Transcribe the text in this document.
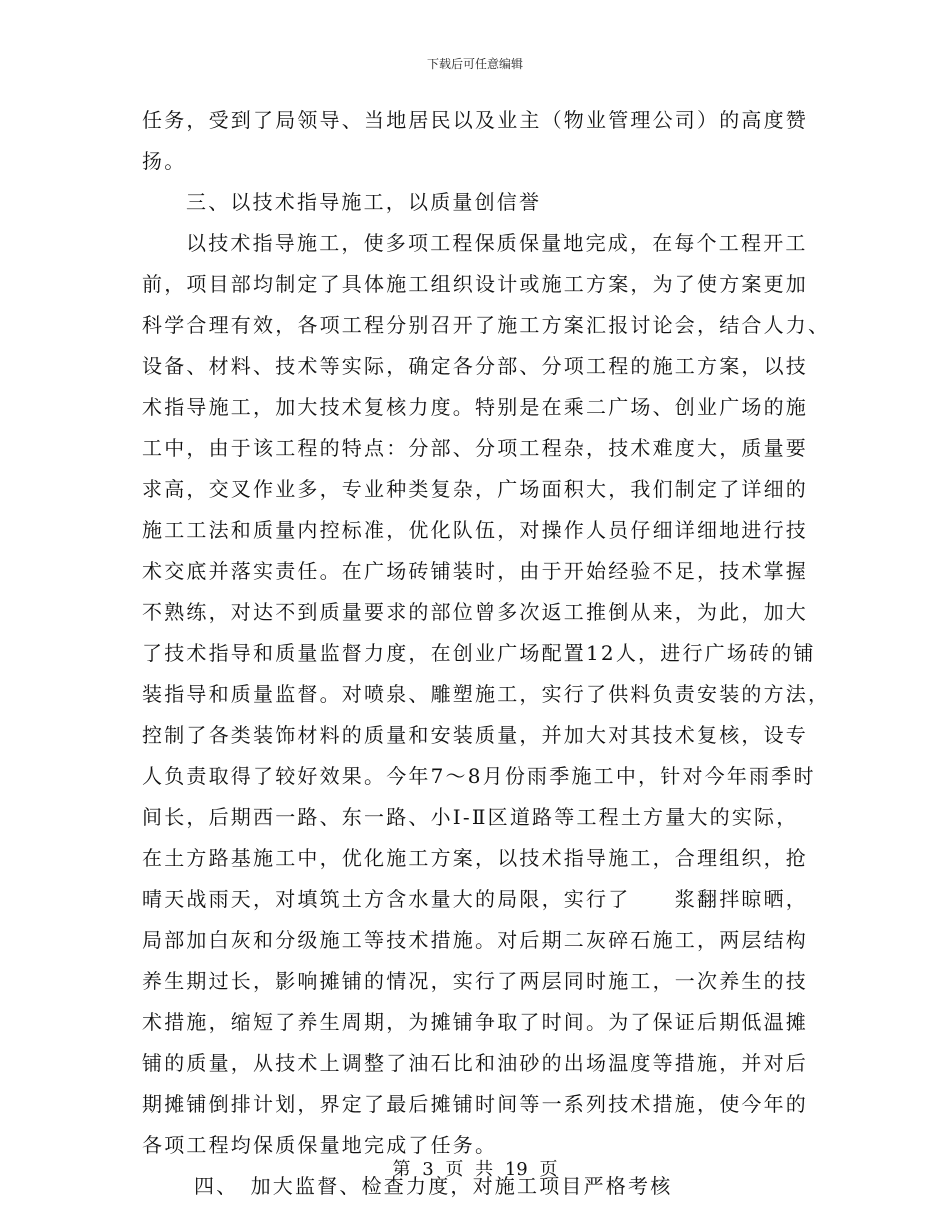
下载后可任意编辑
任务，受到了局领导、当地居民以及业主（物业管理公司）的高度赞
扬。
三、以技术指导施工，以质量创信誉
以技术指导施工，使多项工程保质保量地完成，在每个工程开工
前，项目部均制定了具体施工组织设计或施工方案，为了使方案更加
科学合理有效，各项工程分别召开了施工方案汇报讨论会，结合人力、
设备、材料、技术等实际，确定各分部、分项工程的施工方案，以技
术指导施工，加大技术复核力度。特别是在乘二广场、创业广场的施
工中，由于该工程的特点：分部、分项工程杂，技术难度大，质量要
求高，交叉作业多，专业种类复杂，广场面积大，我们制定了详细的
施工工法和质量内控标准，优化队伍，对操作人员仔细详细地进行技
术交底并落实责任。在广场砖铺装时，由于开始经验不足，技术掌握
不熟练，对达不到质量要求的部位曾多次返工推倒从来，为此，加大
了技术指导和质量监督力度，在创业广场配置12人，进行广场砖的铺
装指导和质量监督。对喷泉、雕塑施工，实行了供料负责安装的方法，
控制了各类装饰材料的质量和安装质量，并加大对其技术复核，设专
人负责取得了较好效果。今年7～8月份雨季施工中，针对今年雨季时
间长，后期西一路、东一路、小Ⅰ-Ⅱ区道路等工程土方量大的实际，
在土方路基施工中，优化施工方案，以技术指导施工，合理组织，抢
晴天战雨天，对填筑土方含水量大的局限，实行了　　浆翻拌晾晒，
局部加白灰和分级施工等技术措施。对后期二灰碎石施工，两层结构
养生期过长，影响摊铺的情况，实行了两层同时施工，一次养生的技
术措施，缩短了养生周期，为摊铺争取了时间。为了保证后期低温摊
铺的质量，从技术上调整了油石比和油砂的出场温度等措施，并对后
期摊铺倒排计划，界定了最后摊铺时间等一系列技术措施，使今年的
各项工程均保质保量地完成了任务。
四、　加大监督、检查力度，对施工项目严格考核
第 3 页 共 19 页
